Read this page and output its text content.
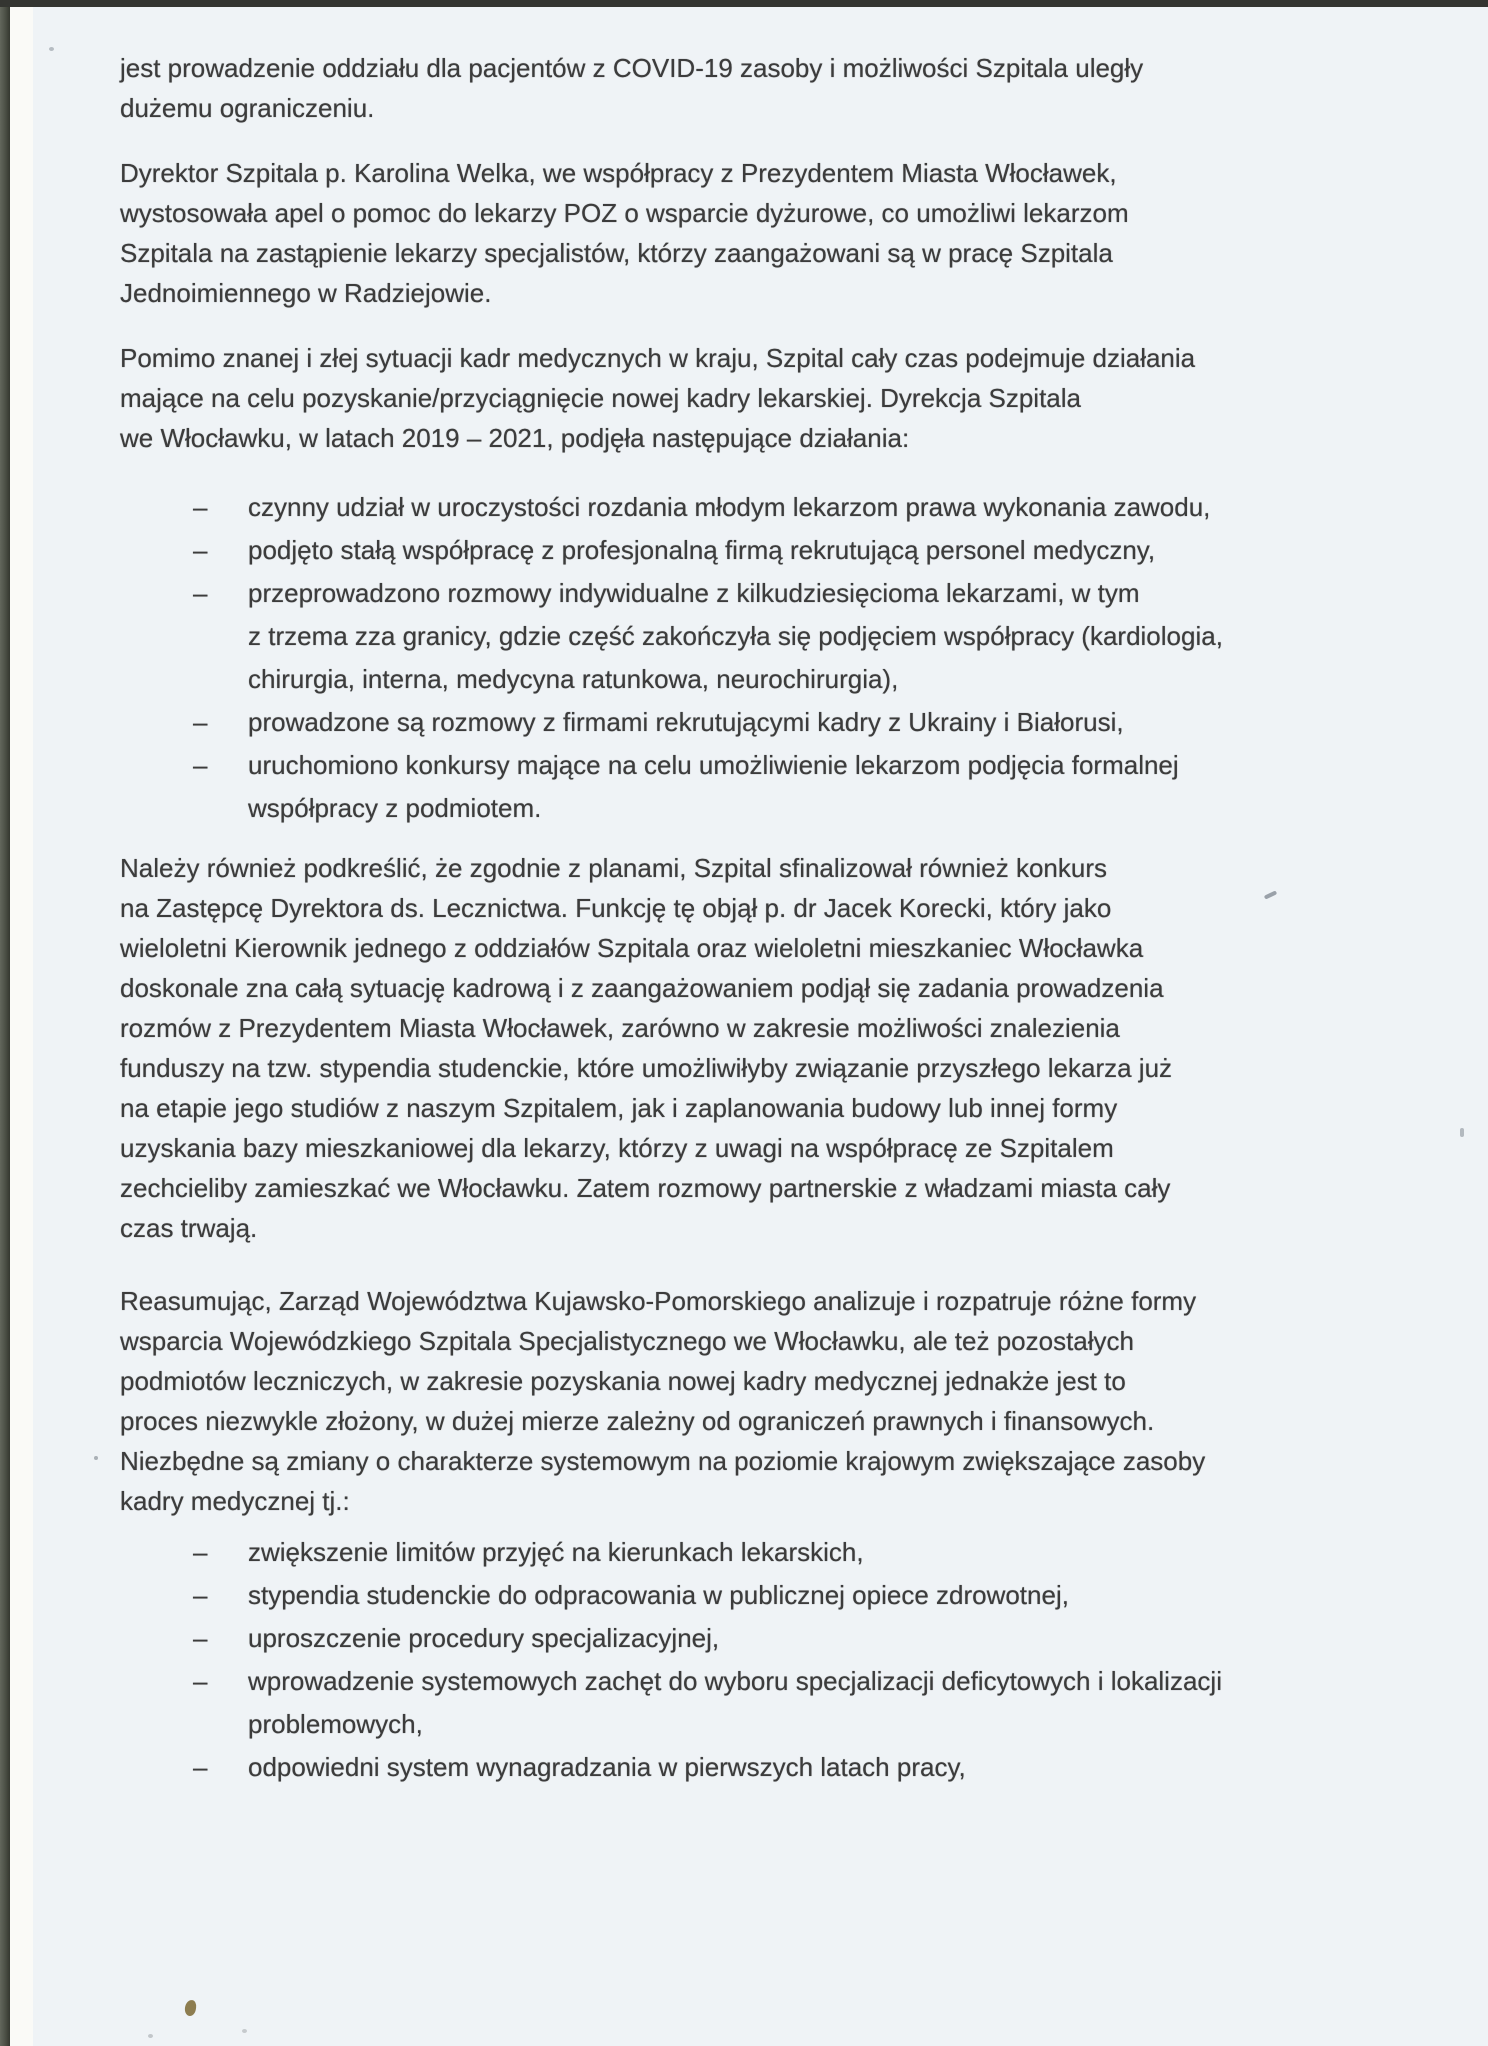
jest prowadzenie oddziału dla pacjentów z COVID-19 zasoby i możliwości Szpitala uległy
dużemu ograniczeniu.
Dyrektor Szpitala p. Karolina Welka, we współpracy z Prezydentem Miasta Włocławek,
wystosowała apel o pomoc do lekarzy POZ o wsparcie dyżurowe, co umożliwi lekarzom
Szpitala na zastąpienie lekarzy specjalistów, którzy zaangażowani są w pracę Szpitala
Jednoimiennego w Radziejowie.
Pomimo znanej i złej sytuacji kadr medycznych w kraju, Szpital cały czas podejmuje działania
mające na celu pozyskanie/przyciągnięcie nowej kadry lekarskiej. Dyrekcja Szpitala
we Włocławku, w latach 2019 – 2021, podjęła następujące działania:
–	czynny udział w uroczystości rozdania młodym lekarzom prawa wykonania zawodu,
–	podjęto stałą współpracę z profesjonalną firmą rekrutującą personel medyczny,
–	przeprowadzono rozmowy indywidualne z kilkudziesięcioma lekarzami, w tym
z trzema zza granicy, gdzie część zakończyła się podjęciem współpracy (kardiologia,
chirurgia, interna, medycyna ratunkowa, neurochirurgia),
–	prowadzone są rozmowy z firmami rekrutującymi kadry z Ukrainy i Białorusi,
–	uruchomiono konkursy mające na celu umożliwienie lekarzom podjęcia formalnej
współpracy z podmiotem.
Należy również podkreślić, że zgodnie z planami, Szpital sfinalizował również konkurs
na Zastępcę Dyrektora ds. Lecznictwa. Funkcję tę objął p. dr Jacek Korecki, który jako
wieloletni Kierownik jednego z oddziałów Szpitala oraz wieloletni mieszkaniec Włocławka
doskonale zna całą sytuację kadrową i z zaangażowaniem podjął się zadania prowadzenia
rozmów z Prezydentem Miasta Włocławek, zarówno w zakresie możliwości znalezienia
funduszy na tzw. stypendia studenckie, które umożliwiłyby związanie przyszłego lekarza już
na etapie jego studiów z naszym Szpitalem, jak i zaplanowania budowy lub innej formy
uzyskania bazy mieszkaniowej dla lekarzy, którzy z uwagi na współpracę ze Szpitalem
zechcieliby zamieszkać we Włocławku. Zatem rozmowy partnerskie z władzami miasta cały
czas trwają.
Reasumując, Zarząd Województwa Kujawsko-Pomorskiego analizuje i rozpatruje różne formy
wsparcia Wojewódzkiego Szpitala Specjalistycznego we Włocławku, ale też pozostałych
podmiotów leczniczych, w zakresie pozyskania nowej kadry medycznej jednakże jest to
proces niezwykle złożony, w dużej mierze zależny od ograniczeń prawnych i finansowych.
Niezbędne są zmiany o charakterze systemowym na poziomie krajowym zwiększające zasoby
kadry medycznej tj.:
–	zwiększenie limitów przyjęć na kierunkach lekarskich,
–	stypendia studenckie do odpracowania w publicznej opiece zdrowotnej,
–	uproszczenie procedury specjalizacyjnej,
–	wprowadzenie systemowych zachęt do wyboru specjalizacji deficytowych i lokalizacji
problemowych,
–	odpowiedni system wynagradzania w pierwszych latach pracy,
